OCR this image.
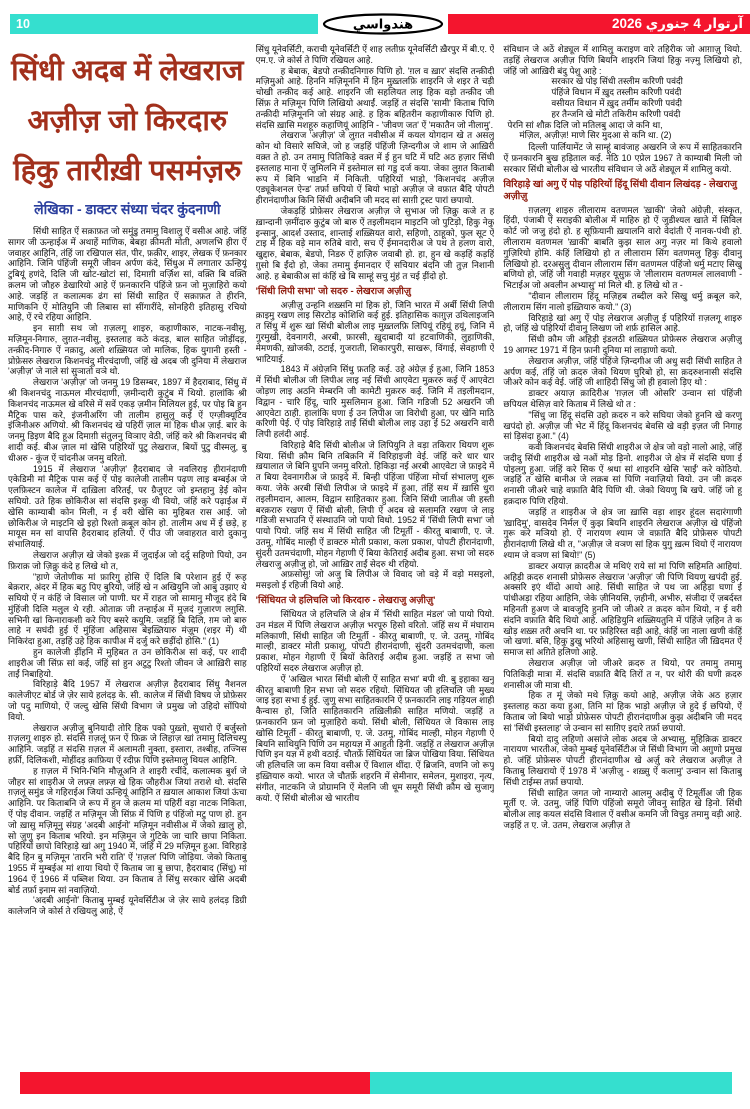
10	هندواسي	آرتوار 4 جنوري 2026
सिंधी अदब में लेखराज
अज़ीज़ जो किरदारु
हिकु तारीख़ी पसमंज़रु
लेखिका - डाक्टर संध्या चंदर कुंदनाणी
सिंधी साहित ऐं सक़ाफ़त जो समुंडु तमामु विशालु ऐं वसीअ आहे. जंहिं सागर जी ऊन्हाईअ में अथाहें माणिक, बेबहा क़ीमती मोती, अणलभि हीरा ऐं जवाहर आहिनि, तंहिं जा रखिपाल संत, पीर, फ़क़ीर, शाइर, लेखक ऐं फ़नकार आहिनि. जिनि पंहिंजी समूरी जीवन अर्पण कंदे, सिंधुअ में लगातार ऊन्हियूं टुबियूं हणंदे, दिलि जी खोट-खोटां सां, दिमाग़ी वर्ज़िश सां, वक़्ति बि वक़्ति क़लम जो जौहरु डेखारियो आहे ऐं फ़नकारनि पंहिंजे फ़न जो मुज़ाहिरो कयो आहे. जड़हिं त कलात्मक ढंग सां सिंधी साहित ऐं सक़ाफ़त ते हीरनि, माणिकनि ऐं मोतियुनि जी लिबास सां सींगारींदे, सोनहिरी इतिहासु रचियो आहे, ऐं रचे रहिया आहिनि.
इन साग़ी सथ जो ग़ज़लगू शाइरु, कहाणीकारु, नाटक-नवीसु, मज़िमून-निगारु, लुग़त-नवीसु, इस्तलाह कठे कंदड़, बाल साहित जोड़ींदड़, तन्क़ीद-निगारु ऐं नक़ादु, अलो शख़्सियत जो मालिक, हिक युगानी हस्ती - प्रोफ़ेसरु लेखराज किशनचंदु मीरचंदाणी, जंहिं खे अदब जी दुनिया में लेखराज 'अज़ीज़' जे नाले सां सुञातो वञे थो.
लेखराज 'अज़ीज़' जो जनमु 19 डिसम्बर, 1897 में हैदराबाद, सिंधु में श्री किशनचंदु नाऊमल मीरचंदाणी, ज़मीन्दारी कुटुंब में थियो. हालांकि श्री किशनचंद नाऊमल खे वरिसे में सवें एकड़ ज़मीन मिलियल हुई, पर पोइ बि हुन मैट्रिक पास करे, इंजनीअरिंग जी तालीम हासुलु कई ऐं एग्ज़ीक्यूटिव इंजिनीअरु अणियो. श्री किशनचंद खे पहिरीं ज़ाल मां हिक धीअ ज़ाई. बार के जनमु ड़िइण बैदि हूअ दिमाग़ी संतुलनु विञाए वेठी, जंहिं करे श्री किशनचंद बी शादी कई. बीअ ज़ाल मां खेसि पहिरियों पुटु लेखराज, बियों पुटु वीस्मलु, बु धीअरु - कूंज ऐं चांदनीअ जनमु वरितो.
1915 में लेखराज 'अज़ीज़' हैदराबाद जे नवलिराइ हीरानंदाणी एकेडिमी मां मैट्रिक पास कई ऐं पोइ कालेजी तालीम पढ़ण लाइ बम्बईअ जे एलफ़िस्टन कालेज में दाख़िला वरितई, पर ग्रैजुएट जो इम्तहानु ड़ेई कोन सघियो. उते हिक छोकिरीअ सां संदसि इश्क़ु थी वियो, जंहिं करे पढ़ाईअ में खेसि काम्याबी कोन मिली, न ई वरी खेसि का मुहिबत रास आई. जो छोकिरीअ जे माइटनि खे इहो रिश्तो क़बूल कोन हो. तालीम अध में ई छड़े, ह मायूस मन सां वापसि हैदराबाद हलियो. ऐं पीउ जी जवाहरात वारो दुकानु संभालियाई.
लेखराज अज़ीज़ खे जेको इश्क़ में जुदाईअ जो दर्दु सहिणो पियो, उन फ़िराक़ जो ज़िक्रु कंदे ह लिखे थो त,
"हाणे जेतोणीक मां फ़ारिगु होसि ऐं दिलि बि परेशान हुई ऐं रूह बेक़रार, अंदर में हिक बठु पिए बुरियो, जंहिं खे न अखियुनि जो आबु उझाए थे सघियो ऐं न कंहिं जे विसाल जो पाणी. घर में राहत जो सामानु मौजूद हंदे बि मुंहिंजी दिलि मलुल थे रही. ओताक़ जी तन्हाईअ में मुज़दं गुज़ारण लग़ुसि. सभिनी खां किनाराकशी करे पिए बसरे कयुमि. जड़हिं बि दिलि, ग़म जो बारु लाहे न सघंदी हुई ऐं मुंहिंजा अहिसास बेइख़्तियारु मंज़ूम (शइर में) थी निकिरंदा हुआ, तड़हिं उहे हिक कापीअ में दर्जु करे छड़ींदो होसि." (1)
हुन कालेजी ड़ींहनि में मुहिबत त उन छोकिरीअ सां कई, पर शादी शाइरीअ जी सिंफ़ सां कई, जंहिं सां हुन अटुटु रिश्तो जीवन जे आख़िरी साह ताईं निबाहियो.
विरिहाड़े बैदि 1957 में लेखराज अज़ीज़ हैदराबाद सिंधु नैशनल कालेजीएट बोर्ड जे ज़ेर साये हलंदड़ के. सी. कालेज में सिंधी विषय जे प्रोफ़ेसर जो पदु माणियो, ऐं जल्दु खेसि सिंधी विभाग जे प्रमुख जो उहिदो सोंपियो वियो.
लेखराज अज़ीजु बुनियादी तोरि हिक पको पुख़्तो, सुधारो ऐं बर्जुस्तो ग़ज़लगू शाइरु हो. संदसि ग़ज़लूं फ़न ऐं फ़िक्र जे लिहाज़ खां तमामु दिलिचस्पु आहिनि. जड़हिं त संदसि ग़ज़ल में अलामती नुक्ता, इस्तारा, तश्बीह, तज्निस हर्फ़ी, दिलिकशी, मोहींदड़ क़ाफ़िया ऐं रदीफ़ पिणि इस्तेमालु थियल आहिनि.
ह ग़ज़ल में भिनि-भिनि मौज़ूअनि ते शाइरी रचींदे, कलात्मक बुर्श जे जौहर सां शाइरीअ जे लफ़्ज़ लफ़्ज़ खे हिक जौहरीअ जियां तराशे थो. संदसि ग़ज़लूं समुंड जे गहिराईअ जियां ऊन्हियूं आहिनि त ख़याल आकाश जियां ऊंचा आहिनि. पर किताबनि जे रूप में हुन जे क़लम मां पहिरीं वड़ा नाटक निकिता, ऐं पोइ दीवान. जड़हिं त मज़िमून जी सिंफ़ में पिणि ह पंहिंजो मटु पाण हो. हुन जो ख़ासु मज़िमूनु संग्रह 'अदबी आईनो' मज़िमून नवीसीअ में जेको ख़ालु हो, सो ज़ुणु इन किताब भरियो. इन मज़िमून जे गुटिके जा चारि छापा निकिता. पहिरियों छापो विरिहाड़े खां अगु 1940 में, जंहिं में 29 मज़िमून हुआ. विरिहाड़े बैदि हिन बु मज़िमून 'तारनि भरी राति' ऐं 'ग़ज़ल' पिणि जोड़िया. जेको किताबु 1955 में मुम्बईअ मां शाया थियो ऐं किताब जा बु छापा, हैदराबाद (सिंधु) मां 1964 ऐं 1966 में पब्लिश थिया. उन किताब ते सिंधु सरकार खेसि अदबी बोर्ड तर्फ़ा इनाम सां नवाज़ियो.
'अदबी आईनो' किताबु मुम्बई यूनेवर्सिटीअ जे ज़ेर साये हलंदड़ डिग्री कालेजनि जे कोर्स ते रखियलु आहे, ऐं
सिंधु यूनेवर्सिटी, कराची यूनेवर्सिटी ऐं शाह लतीफ़ यूनेवर्सिटी ख़ैरपुर में बी.ए. ऐं एम.ए. जे कोर्स ते पिणि रखियल आहे.
ह बेबाक, बेडपो तन्क़ीदनिगारु पिणि हो. 'ग़ल व ख़ार' संदसि तन्क़ीदी मज़िमुओ आहे. हिननि मज़िमूननि में हिन मुख़्तलफ़ि शाइरनि जे शइर ते चड़ी चोखी तन्क़ीद कई आहे. शाइरनि जी सहलियत लाइ हिक वड़ो तन्क़ीद जी सिंफ़ ते मज़िमून पिणि लिखियो अथाईं. जड़हिं त संदसि 'सामी' किताब पिणि तन्क़ीदी मज़िमूननि जो संग्रह आहे. ह हिक बहितरीन कहाणीकारु पिणि हो. संदसि ख़ासि मशहूरु कहाणियूं आहिनि - 'जीवण जत' ऐं 'मकातैन जो नीलामु'.
लेखराज 'अज़ीज़' जे लुग़त नवीसीअ में कयल योगदान खे त असलु कोन थो विसारे सघिजे, जो ह जड़हिं पंहिंजी ज़िन्दगीअ जे शाम जे आख़िरी वक़्त ते हो. उन तमामु पितिकिड़े वक़्त में ई हुन घटि में घटि अठ हज़ार सिंधी इस्तलाह माना ऐं जुमिलनि में इस्तेमाल सां गडु दर्ज कया. जेका लुग़त किताबी रूप में बिनि भाडनि में निकिती. पहिरियों भाड़ो, 'किशनचंद अज़ीज़ एड्यूकेशनल ऐन्ड' तर्फ़ा छपियो ऐं बियो भाड़ो अज़ीज़ जे वफ़ात बैदि पोपटी हीरानंदाणीअ किनि सिंधी अदीबनि जी मदद सां साग़ी ट्रस्ट पारां छपायो.
जेकड़हिं प्रोफ़ेसर लेखराज अज़ीज़ जे सुभाअ जो ज़िक्रु कजे त ह ख़ान्दानी ज़मींदारु कुटुंब जो बारु ऐं तइलीमदान माइटनि जो पुटिड़ो, हिकु नेकु इन्सानु, आदर्श उस्ताद, शान्ताई शख़्सियत वारो, सहिणो, ठाहूको, फुल सूट ऐं टाइ में हिक वड़े मान रुतिबे वारो, सच ऐं ईमानदारीअ जे पथ ते हलण वारो, खुद्दारु, बेबाक, बेडपो, निडरु ऐं हाज़िरु जवाबी हो. हा, हुन खे कड़हिं कड़हिं ग़ुसो बि ईंदो हो, जेका तमामु ईमानदार ऐं सचियार बंदनि जी तुज़ निशानी आहे. ह बेबाकीअ सां कंहिं खे बि साम्हूं सचु मुंहं त चई ड़ींदो हो.
'सिंधी लिपी सभा' जो सदरु - लेखराज अज़ीज़ु
अज़ीज़ु उन्हनि शख़्सनि मां हिक हो, जिनि भारत में अर्बी सिंधी लिपी क़ाइमु रखण लाइ सिरटोड़ कोशिशि कई हुई. इतिहासिक काग़ुज़ उथिलाइजनि त सिंधु में शुरू खां सिंधी बोलीअ लाइ मुख़्तलफ़ि लिपियूं रहियूं हयूं, जिनि में गुरमुखी, देवनागरी, अरबी, फ़ारसी, ख़ुदाबादी यां हटवाणिकी, लुहाणिकी, मेमणकी, ख़ोजकी, ठटाई, गुजराती, शिकारपुरी, साखरू, विंगाई, सेवहाणी ऐं भाटियाई.
1843 में अंग्रेज़नि सिंधु फ़तहि कई. उहे अंग्रेज़ ई हुआ, जिनि 1853 में सिंधी बोलीअ जी लिपीअ लाइ नई सिंधी आएवेटा मुक़ररु कई ऐं आएवेटा जोड़ण लाइ अठनि मेम्बरनि जी कामेटी मुक़ररु कई. जिनि में तइलीमदान, विद्वान - चारि हिंदू, चारि मुसलिमान हुआ. जिनि गडिजी 52 अखरनि जी आएवेटा ठाही. हालांकि घणा ई उन लिपीअ जा विरोधी हुआ, पर खेनि माठि करिणी पेई. ऐं पोइ विरिहाड़े ताईं सिंधी बोलीअ लाइ उहा ई 52 अखरनि वारी लिपी हलंदी आई.
विरिहाड़े बैदि सिंधी बोलीअ जे लिपियुनि ते वड़ा तकिरार थियण शुरू थिया. सिंधी क़ौम बिनि तबिक़नि में विरिहाइजी वेई. जंहिं करे धार धार ख़यालात जे बिनि ग्रुपनि जनमु वरितो. हिकिड़ा नई अरबी आएवेटा जे फ़ाइदे में त बिया देवनागरीअ जे फ़ाइदे में. बिन्ही पंहिंजा पंहिंजा मोर्चा संभालणु शुरू कया. जेके अरबी सिंधी लिपीअ जे फ़ाइदे में हुआ, तंहिं सथ में ख़ासि धुरा तइलीमदान, आलम, विद्वान साहितकार हुआ. जिनि सिंधी जातीअ जी हस्ती बरक़रारु रखण ऐं सिंधी बोली, लिपी ऐं अदब खे सलामति रखण जे लाइ गडिजी सभाउनि ऐं संस्थाउनि जो पायो विधो. 1952 में 'सिंधी लिपी सभा' जो पायो पियो. जंहिं सथ में सिंधी साहित जी टिमूर्ती - कीरतु बाबाणी, ए. जे. उतमु, गोबिंद माल्ही ऐं डाक्टरु मोती प्रकाश, कला प्रकाश, पोपटी हीरानंदाणी, सुंदरी उतमचंदाणी, मोहन गेहाणी ऐं बिया केतिराई अदीब हुआ. सभा जो सदरु लेखराजु अज़ीजु हो, जो आख़िर ताईं सेदरु थी रहियो.
अफ़सोसु! जो अजु बि लिपीअ जे विवाद जो वड़े में वड़ो मसइलो, मसइलो ई रहिजी वियो आहे.
'सिंधियत जे हलिचलि जो किरदारु - लेखराजु अज़ीज़ु'
सिंधियत जे हलिचलि जे क्षेत्र में 'सिंधी साहित मंडल' जो पायो पियो. उन मंडल में पिणि लेखराज अज़ीज़ भरपूरु हिसो वरितो. जंहिं सथ में मंघाराम मलिकाणी, सिंधी साहित जी टिमूर्ती - कीरतु बाबाणी, ए. जे. उतमु, गोबिंद माल्ही, डाक्टर मोती प्रकाशु, पोपटी हीरानंदाणी, सुंदरी उतमचंदाणी, कला प्रकाश, मोहन गेहाणी ऐं बियों केतिराई अदीब हुआ. जड़हिं त सभा जो पहिरियों सदरु लेखराज अज़ीज़ हो.
ऐं 'अखिल भारत सिंधी बोली ऐं साहित सभा' बपी थी. बु इहाका खनु कीरतु बाबाणी हिन सभा जो सदरु रहियो. सिंधियत जी हलिचलि जी मुख्य जाइ इहा सभा ई हुई. ज़ुणु सभा साहितकारनि ऐं फ़नकारनि लाइ गड़ियल शाही कैन्वास हो, जिति साहितकारनि तख़िलीक़ी साहित मणियो. जड़हिं त फ़नकारनि फ़न जो मुज़ाहिरो कयो. सिंधी बोली, सिंधियत जे विकास लाइ खोसि टिमूर्ती - कीरतु बाबाणी, ए. जे. उतमु, गोबिंद माल्ही, मोहन गेहाणी ऐं बियनि साथियुनि पिणि उन महायज्ञ में आहुती ड़िनी. जड़हिं त लेखराज अज़ीज़ पिणि इन यज्ञ में हथी वठाई. चौतर्फ़े सिंधियत जा ब्रिज पोखिया विया. सिंधियत जी हलिचलि जा कम विया वसीअ ऐं विशाल थींदा. ऐं ब्रिजनि, वणनि जो रूपु इख़्तियारु कयो. भारत जे चौतर्फ़े शहरनि में सेमीनार, समेलन, मुशाइरा, नृत्य, संगीत, नाटकनि जे प्रोग्रामनि ऐं मेलनि जी धूम समूरी सिंधी क़ौम खे सुजागु कयो. ऐं सिंधी बोलीअ खे भारतीय
संविधान जे अठें शेड्यूल में शामिलु कराइण वारे तहिरीक जो आग़ाज़ु थियो. तड़हिं लेखराज अज़ीज़ पिणि बियनि शाइरनि जियां हिकु नज़्मु लिखियो हो, जंहिं जो आख़िरी बंदु पेशु आहे :
सरकार खे पोइ सिंधी तस्लीम करिणी पवंदी
पंहिंजे विधान में ख़ुद तस्लीम करिणी पवंदी
वसीयत विधान में ख़ुद तर्मीम करिणी पवंदी
हर तैन्जनि खे मोटी तकिरीम करिणी पवंदी
पेरनि सां शौक़ दिलि जो मतिलबु आदा जे कनि था,
मंज़िल, अज़ीज़! माणे सिर मुदआ से कनि था. (2)
दिल्ली पार्लियामेंट जे साम्हूं बावंजाह अखरनि जे रूप में साहितकारनि ऐं फ़नकारनि बुख हड़िताल कई. नेठि 10 एप्रेल 1967 ते काम्याबी मिली जो सरकार सिंधी बोलीअ खे भारतीय संविधान जे अठें शेड्यूल में शामिलु कयो.
विरिहाड़े खां अगु ऐं पोइ पहिरियों हिंदू सिंधी दीवान लिखंदड़ - लेखराजु अज़ीज़ु
ग़ज़लगू शाइरु लीलाराम वतणमल 'ख़ाकी' जेको अंग्रेज़ी, संस्कृत, हिंदी, पंजाबी ऐं सराइकी बोलीअ में माहिरु हो ऐं जुडीश्यल खाते में सिविल कोर्ट जो जजु हंदो हो. ह सूफ़ियानी ख़यालनि वारो वेदांती ऐं नानक-पंथी हो. लीलाराम वतणमल 'ख़ाकी' बाबति कुझ साल अगु नज़र मां किथे हवालो गुज़िरियो होमि. कंहिं लिखियो हो त लीलाराम सिंग वतणमलु हिकु दीवानु लिखियो हो. दरअसुलु दीवान लीलाराम सिंग वतणमल पंहिंजो धर्मु मटाए सिखु बणियो हो, जंहिं जी गवाही मज़हर यूसुफ़ जे 'लीलाराम वतणमल लालवाणी - भिटाईअ जो अवलीन अभ्यासु' मां मिले थी. ह लिखे थो त -
"दीवान लीलाराम हिंदू मज़िहब तब्दील करे सिखु धर्मु क़बूल करे, लीलाराम सिंग नालो इख़्तियारु कयो." (3)
विरिहाड़े खां अगु ऐं पोइ लेखराज अज़ीज़ु ई पहिरियों ग़ज़लगू शाइरु हो, जंहिं खे पहिरियों दीवानु लिखण जो शर्फ़ हासिल आहे.
सिंधी क़ौम जी अहिड़ी इंडलठी शख़्सियत प्रोफ़ेसरु लेखराज अज़ीज़ु 19 आगस्ट 1971 में हिन फ़ानी दुनिया मां लाड़ाणो कयो.
लेखराज अज़ीज़, जंहिं पंहिंजे ज़िन्दगीअ जी अधु सदी सिंधी साहित ते अर्पण कई, तंहिं जो क़दरु जेको थियण घुरिबो हो, सा क़दरुशनासी संदसि जीअरे कोन कई वेई. जंहिं जी शाहिदी सिंधु जो ही हवालो ड़िए थो :
डाक्टर अयाज़ क़ादिरीअ 'ग़ज़ल जी ओसरि' उन्वान सां पंहिंजी छपियल थेसिज़ वारे किताब में लिखे थो त :
"सिंधु जा हिंदू संदसि उहो क़दरु न करे सघिया जेको हुननि खे करणु खपंदो हो. अज़ीज़ जी भेट में हिंदू किशनचंद बेवसि खे वड़ी इज़त जी निगाह सां ड़िसंदा हुआ." (4)
कवी किशनचंद बेवसि सिंधी शाइरीअ जे क्षेत्र जो वड़ो नालो आहे, जंहिं जदीदु सिंधी शाइरीअ खे नओं मोड़ ड़िनो. शाइरीअ जे क्षेत्र में संदसि घणा ई पोइलगु हुआ. जंहिं करे सिक ऐं श्रधा सां शाइरनि खेसि 'साईं' करे कोठियो. जड़हिं त खेसि बानीअ जे लक़ब सां पिणि नवाज़ियो वियो. उन जी क़दरु शनासी जीअरे चाहे वफ़ाति बैदि पिणि थी. जेको थियणु बि खपे. जंहिं जो हू हक़दारु पिणि रहियो.
जड़हिं त शाइरीअ जे क्षेत्र जा ख़ासि वड़ा शाइर हूंदल सदारंगाणी 'ख़ादिमु', वासदेव निर्मल ऐं कुझ बियनि शाइरनि लेखराज अज़ीज़ खे पंहिंजो गुरू करे मञियो हो. ऐं नारायण श्याम जे वफ़ाति बैदि प्रोफ़ेसरु पोपटी हीरानंदाणी लिखे थी त, "अज़ीज़ जे वञण सां हिक युगु ख़त्म थियो ऐं नारायण श्याम जे वञण सां बियो!" (5)
डाक्टर अयाज़ क़ादरीअ जे मथिएं राये सां मां पिणि सहिमति आहियां. अहिड़ी क़दरु शनासी प्रोफ़ेसरु लेखराज 'अज़ीज़' जी पिणि थियणु खपंदी हुई. अक्सरि इएं थींदो आयो आहे. सिंधी साहित जे पथ जा अहिड़ा घणा ई पांधीअड़ा रहिया आहिनि, जेके ज़ीनियसि, ज़हीनी, अभीरु, संजीदा ऐं ज़बर्दस्त महिनती हुअण जे बावजूदि हुननि जो जीअरे त क़दरु कोन थियो, न ई वरी संदनि वफ़ाति बैदि थियो आहे. अहिड़ियुनि शख़्सियतुनि में पंहिंजे ज़हिन ते क खोड़ शख़्स तरी अचनि था. पर फ़हिरिस्त वड़ी आहे, कंहिं जा नाला खणी कंहिं जो खणां. बसि, हिकु डुखु भरियो अहिसासु खणी, सिंधी साहित जी ख़िदमत ऐं समाज सां अग़िते हलिणो आहे.
लेखराज अज़ीज़ जो जीअरे क़दरु त थियो, पर तमामु तमामु पितिकिड़ी मात्रा में. संदसि वफ़ाति बैदि तिरों त न, पर थोरी की घणी क़दरु शनासीअ जी मात्रा थी.
हिक त मूं जेको मथे ज़िक्रु कयो आहे, अज़ीज़ जेके अठ हज़ार इस्तलाह कठा कया हुआ, तिनि मां हिक भाड़ो अज़ीज़ जे हुदे ई छपियो, ऐं किताब जो बियो भाड़ो प्रोफ़ेसरु पोपटी हीरानंदाणीअ कुझ अदीबनि जी मदद सां 'सिंधी इस्तलाह' जे उन्वान सां साग़िए इदारे तर्फ़ा छपायो.
बियो दादु लहिणो असांजे लोक अदब जे अभ्यासु, मुहिक़िक़ डाक्टर नारायण भारतीअ, जेको मुम्बई यूनेवर्सिटीअ जे सिंधी विभाग जो अग़ुणो प्रमुख हो. जंहिं प्रोफ़ेसरु पोपटी हीरानंदाणीअ खे अर्ज़ु करे लेखराज अज़ीज़ ते किताबु लिखरायो ऐं 1978 में 'अज़ीज़ु - शख़्सु ऐं कलामु' उन्वान सां किताबु सिंधी टाईम्स तर्फ़ा छपायो.
सिंधी साहित जगत जो नाम्यारो आलमु अदीबु ऐं टिमूर्तीअ जी हिक मूर्ती ए. जे. उतमु, जंहिं पिणि पंहिंजो समूरो जीवनु साहित खे ड़िनो. सिंधी बोलीअ लाइ कयल संदसि विशाल ऐं वसीअ कमनि जी विचुड़ तमामु वड़ी आहे. जड़हिं त ए. जे. उतम, लेखराज अज़ीज़ ते
